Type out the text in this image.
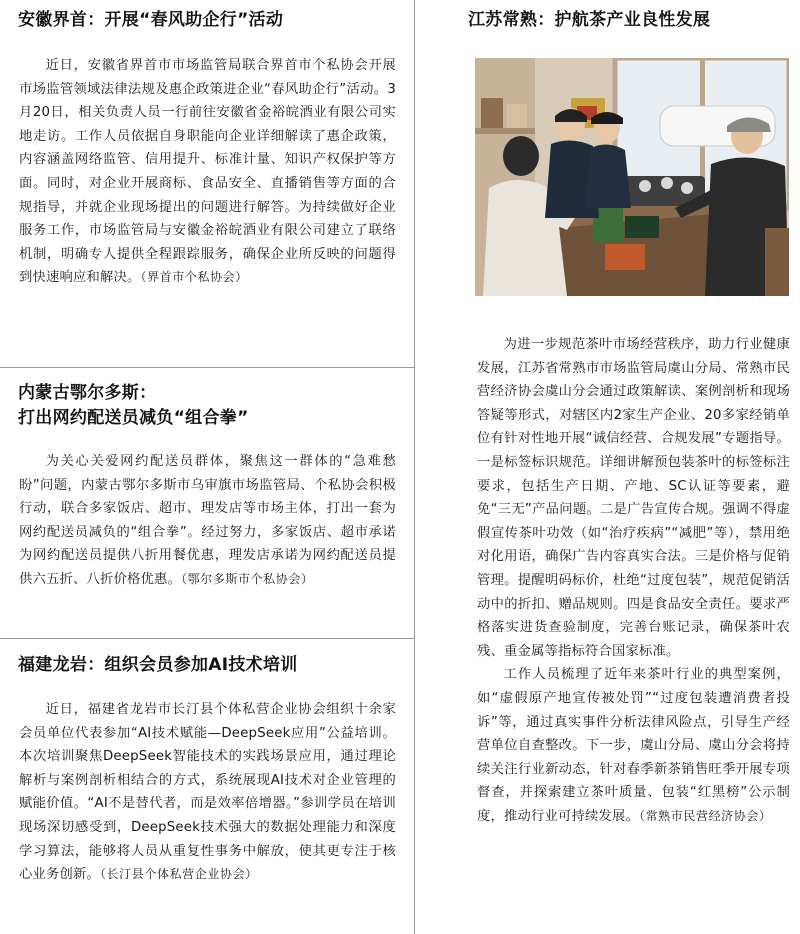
安徽界首：开展“春风助企行”活动

近日，安徽省界首市市场监管局联合界首市个私协会开展市场监管领域法律法规及惠企政策进企业“春风助企行”活动。3月20日，相关负责人员一行前往安徽省金裕皖酒业有限公司实地走访。工作人员依据自身职能向企业详细解读了惠企政策，内容涵盖网络监管、信用提升、标准计量、知识产权保护等方面。同时，对企业开展商标、食品安全、直播销售等方面的合规指导，并就企业现场提出的问题进行解答。为持续做好企业服务工作，市场监管局与安徽金裕皖酒业有限公司建立了联络机制，明确专人提供全程跟踪服务，确保企业所反映的问题得到快速响应和解决。（界首市个私协会）

内蒙古鄂尔多斯：
打出网约配送员减负“组合拳”

为关心关爱网约配送员群体，聚焦这一群体的“急难愁盼”问题，内蒙古鄂尔多斯市乌审旗市场监管局、个私协会积极行动，联合多家饭店、超市、理发店等市场主体，打出一套为网约配送员减负的“组合拳”。经过努力，多家饭店、超市承诺为网约配送员提供八折用餐优惠，理发店承诺为网约配送员提供六五折、八折价格优惠。（鄂尔多斯市个私协会）

福建龙岩：组织会员参加AI技术培训

近日，福建省龙岩市长汀县个体私营企业协会组织十余家会员单位代表参加“AI技术赋能—DeepSeek应用”公益培训。本次培训聚焦DeepSeek智能技术的实践场景应用，通过理论解析与案例剖析相结合的方式，系统展现AI技术对企业管理的赋能价值。“AI不是替代者，而是效率倍增器。”参训学员在培训现场深切感受到，DeepSeek技术强大的数据处理能力和深度学习算法，能够将人员从重复性事务中解放，使其更专注于核心业务创新。（长汀县个体私营企业协会）

江苏常熟：护航茶产业良性发展

为进一步规范茶叶市场经营秩序，助力行业健康发展，江苏省常熟市市场监管局虞山分局、常熟市民营经济协会虞山分会通过政策解读、案例剖析和现场答疑等形式，对辖区内2家生产企业、20多家经销单位有针对性地开展“诚信经营、合规发展”专题指导。一是标签标识规范。详细讲解预包装茶叶的标签标注要求，包括生产日期、产地、SC认证等要素，避免“三无”产品问题。二是广告宣传合规。强调不得虚假宣传茶叶功效（如“治疗疾病”“减肥”等），禁用绝对化用语，确保广告内容真实合法。三是价格与促销管理。提醒明码标价，杜绝“过度包装”，规范促销活动中的折扣、赠品规则。四是食品安全责任。要求严格落实进货查验制度，完善台账记录，确保茶叶农残、重金属等指标符合国家标准。

工作人员梳理了近年来茶叶行业的典型案例，如“虚假原产地宣传被处罚”“过度包装遭消费者投诉”等，通过真实事件分析法律风险点，引导生产经营单位自查整改。下一步，虞山分局、虞山分会将持续关注行业新动态，针对春季新茶销售旺季开展专项督查，并探索建立茶叶质量、包装“红黑榜”公示制度，推动行业可持续发展。（常熟市民营经济协会）
